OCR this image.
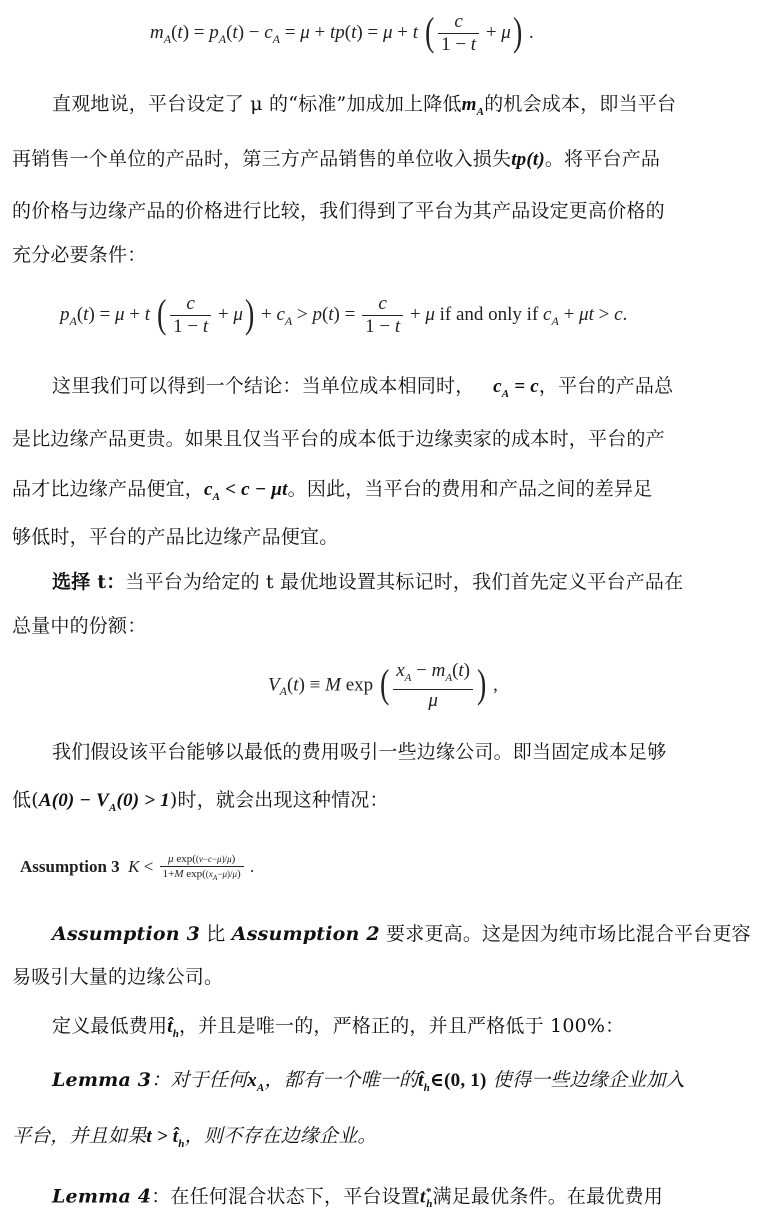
$m_A(t) = p_A(t) - c_A = \mu + tp(t) = \mu + t$ ( $\frac{c}{1 - t} + \mu$) .
直观地说，平台设定了 μ 的“标准”加成加上降低$m_A$的机会成本，即当平台
再销售一个单位的产品时，第三方产品销售的单位收入损失tp(t)。将平台产品
的价格与边缘产品的价格进行比较，我们得到了平台为其产品设定更高价格的
充分必要条件：
$p_A(t) = \mu + t$ ( $\frac{c}{1 - t} + \mu) + c_A > p(t) = \frac{c}{1 - t} + \mu$ if and only if $c_A + \mu t > c$.
这里我们可以得到一个结论：当单位成本相同时， $c_A = c$，平台的产品总
是比边缘产品更贵。如果且仅当平台的成本低于边缘卖家的成本时，平台的产
品才比边缘产品便宜，$c_A < c - \mu t$。因此，当平台的费用和产品之间的差异足
够低时，平台的产品比边缘产品便宜。
选择 t：当平台为给定的 t 最优地设置其标记时，我们首先定义平台产品在
总量中的份额：
$V_A(t) \equiv M$ exp ( $\frac{x_A - m_A(t)}{\mu}$ ) ,
我们假设该平台能够以最低的费用吸引一些边缘公司。即当固定成本足够
低$(A(0) - V_A(0) > 1)$时，就会出现这种情况：
Assumption 3 $K < \frac{\text{μ exp((v−c−μ)/μ)}}{1+M \exp((x_A-\mu)/\mu)}$ .
Assumption 3 比 Assumption 2 要求更高。这是因为纯市场比混合平台更容
易吸引大量的边缘公司。
定义最低费用$t̂_h$，并且是唯一的，严格正的，并且严格低于 100%：
Lemma 3：对于任何$x_A$，都有一个唯一的$t̂_h\in(0$, 1) 使得一些边缘企业加入
平台，并且如果$t > t̂_h$，则不存在边缘企业。
Lemma 4：在任何混合状态下，平台设置$t^*_h$满足最优条件。在最优费用
